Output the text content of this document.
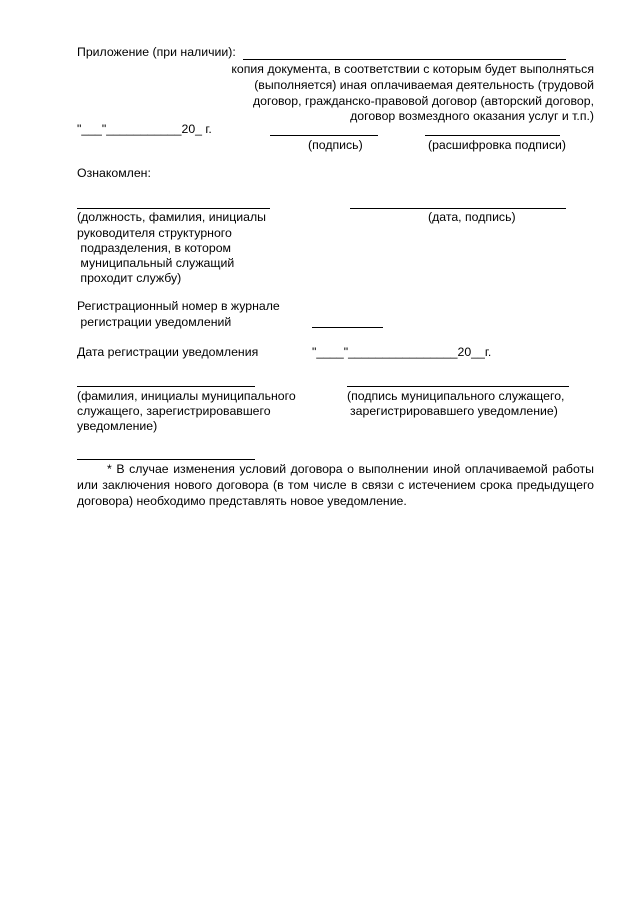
Приложение (при наличии):
копия документа, в соответствии с которым будет выполняться
(выполняется) иная оплачиваемая деятельность (трудовой
договор, гражданско-правовой договор (авторский договор,
договор возмездного оказания услуг и т.п.)
"___"___________20_ г.
(подпись)	(расшифровка подписи)
Ознакомлен:
(должность, фамилия, инициалы
руководителя структурного
подразделения, в котором
муниципальный служащий
проходит службу)
(дата, подпись)
Регистрационный номер в журнале
регистрации уведомлений
Дата регистрации уведомления	"____"________________20__г.
(фамилия, инициалы муниципального
служащего, зарегистрировавшего
уведомление)
(подпись муниципального служащего,
зарегистрировавшего уведомление)
* В случае изменения условий договора о выполнении иной оплачиваемой работы или заключения нового договора (в том числе в связи с истечением срока предыдущего договора) необходимо представлять новое уведомление.
